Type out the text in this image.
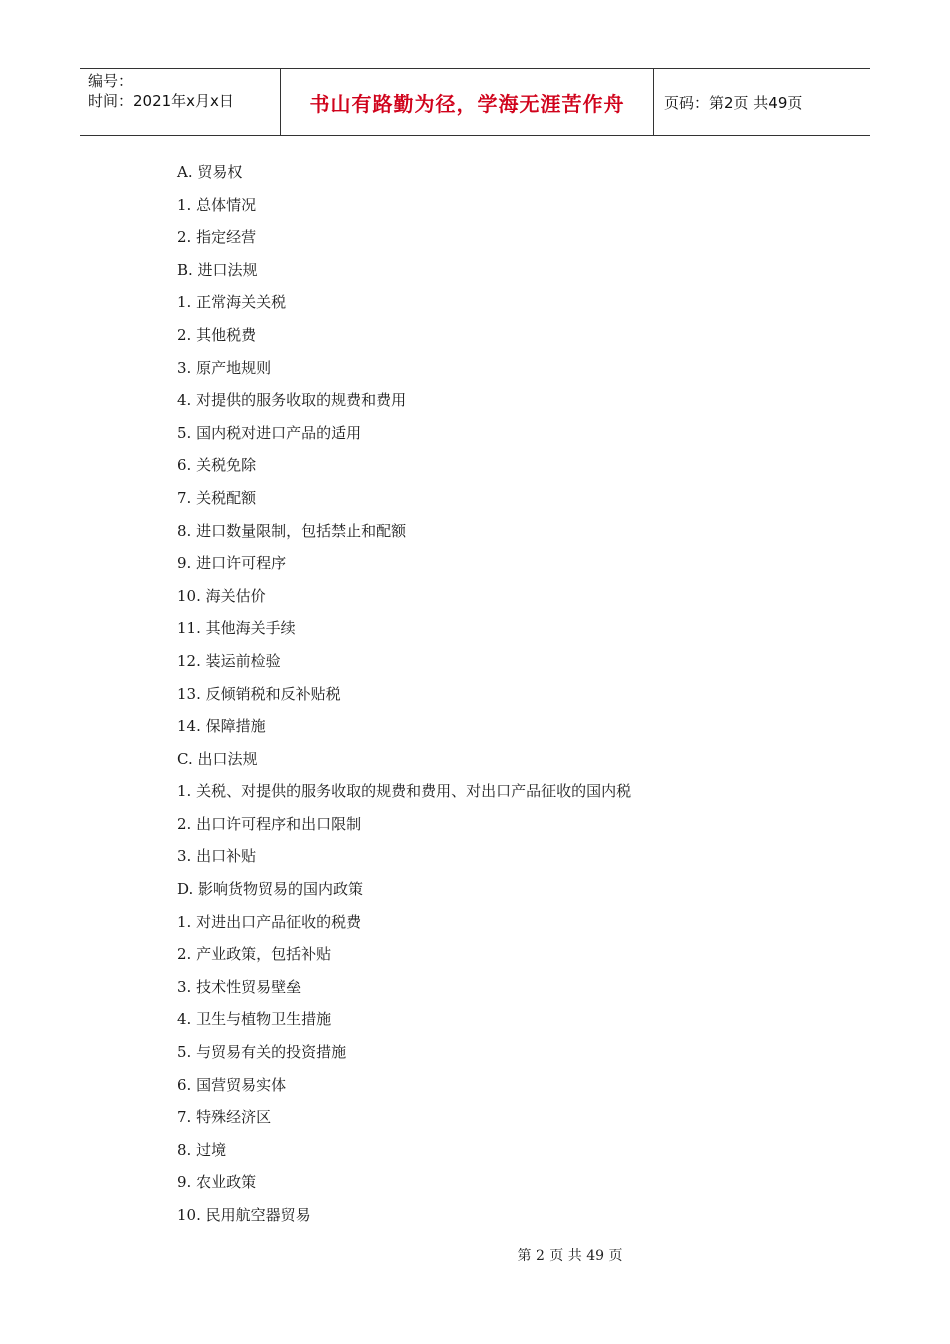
编号：
时间：2021年x月x日	书山有路勤为径，学海无涯苦作舟	页码：第2页 共49页
A. 贸易权
1. 总体情况
2. 指定经营
B. 进口法规
1. 正常海关关税
2. 其他税费
3. 原产地规则
4. 对提供的服务收取的规费和费用
5. 国内税对进口产品的适用
6. 关税免除
7. 关税配额
8. 进口数量限制，包括禁止和配额
9. 进口许可程序
10. 海关估价
11. 其他海关手续
12. 装运前检验
13. 反倾销税和反补贴税
14. 保障措施
C. 出口法规
1. 关税、对提供的服务收取的规费和费用、对出口产品征收的国内税
2. 出口许可程序和出口限制
3. 出口补贴
D. 影响货物贸易的国内政策
1. 对进出口产品征收的税费
2. 产业政策，包括补贴
3. 技术性贸易壁垒
4. 卫生与植物卫生措施
5. 与贸易有关的投资措施
6. 国营贸易实体
7. 特殊经济区
8. 过境
9. 农业政策
10. 民用航空器贸易
第 2 页 共 49 页
